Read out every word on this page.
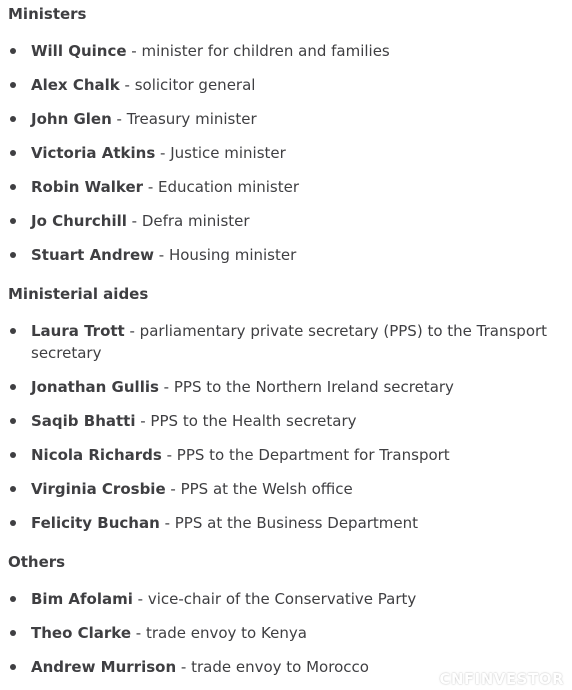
Ministers
Will Quince - minister for children and families
Alex Chalk - solicitor general
John Glen - Treasury minister
Victoria Atkins - Justice minister
Robin Walker - Education minister
Jo Churchill - Defra minister
Stuart Andrew - Housing minister
Ministerial aides
Laura Trott - parliamentary private secretary (PPS) to the Transport secretary
Jonathan Gullis - PPS to the Northern Ireland secretary
Saqib Bhatti - PPS to the Health secretary
Nicola Richards - PPS to the Department for Transport
Virginia Crosbie - PPS at the Welsh office
Felicity Buchan - PPS at the Business Department
Others
Bim Afolami - vice-chair of the Conservative Party
Theo Clarke - trade envoy to Kenya
Andrew Murrison - trade envoy to Morocco
CNFINVESTOR
